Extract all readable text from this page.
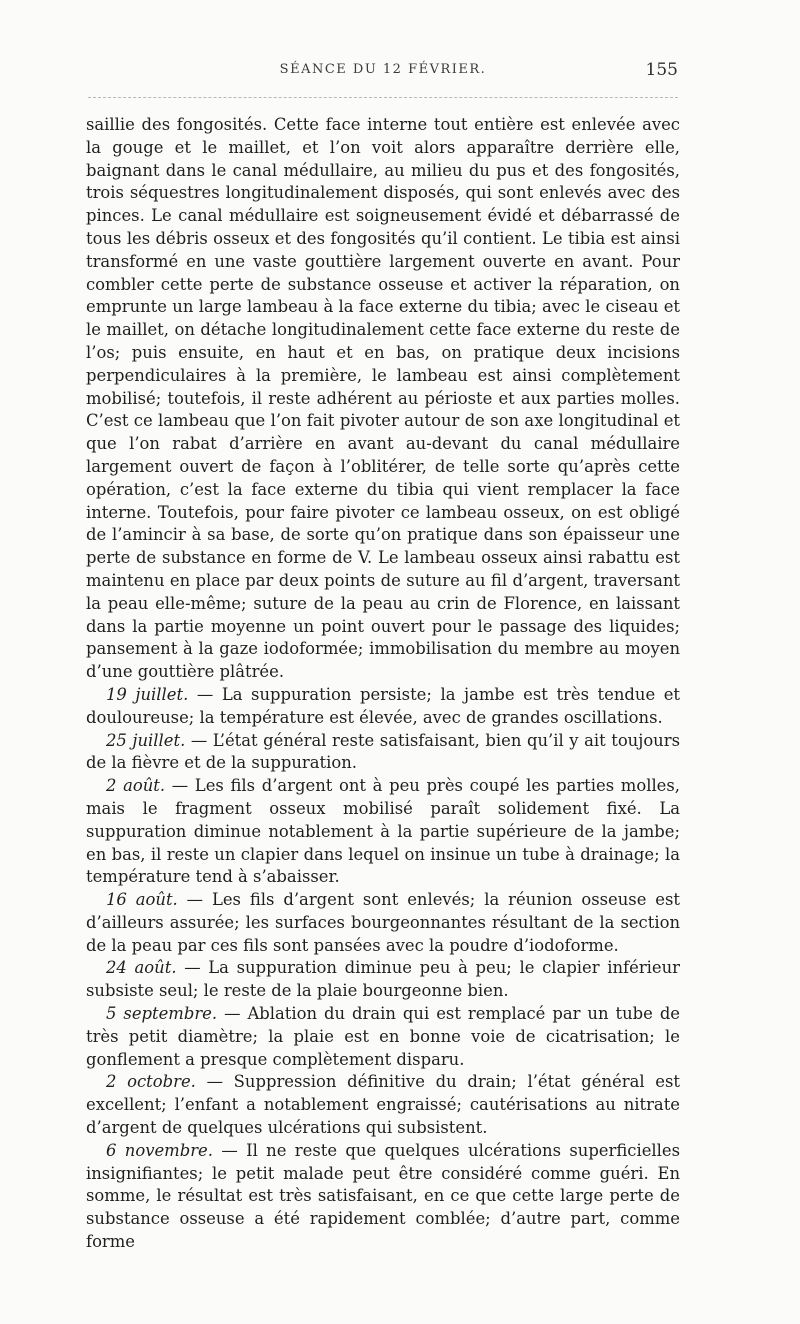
SÉANCE DU 12 FÉVRIER.	155

saillie des fongosités. Cette face interne tout entière est enlevée avec la gouge et le maillet, et l’on voit alors apparaître derrière elle, baignant dans le canal médullaire, au milieu du pus et des fongosités, trois séquestres longitudinalement disposés, qui sont enlevés avec des pinces. Le canal médullaire est soigneusement évidé et débarrassé de tous les débris osseux et des fongosités qu’il contient. Le tibia est ainsi transformé en une vaste gouttière largement ouverte en avant. Pour combler cette perte de substance osseuse et activer la réparation, on emprunte un large lambeau à la face externe du tibia; avec le ciseau et le maillet, on détache longitudinalement cette face externe du reste de l’os; puis ensuite, en haut et en bas, on pratique deux incisions perpendiculaires à la première, le lambeau est ainsi complètement mobilisé; toutefois, il reste adhérent au périoste et aux parties molles. C’est ce lambeau que l’on fait pivoter autour de son axe longitudinal et que l’on rabat d’arrière en avant au-devant du canal médullaire largement ouvert de façon à l’oblitérer, de telle sorte qu’après cette opération, c’est la face externe du tibia qui vient remplacer la face interne. Toutefois, pour faire pivoter ce lambeau osseux, on est obligé de l’amincir à sa base, de sorte qu’on pratique dans son épaisseur une perte de substance en forme de V. Le lambeau osseux ainsi rabattu est maintenu en place par deux points de suture au fil d’argent, traversant la peau elle-même; suture de la peau au crin de Florence, en laissant dans la partie moyenne un point ouvert pour le passage des liquides; pansement à la gaze iodoformée; immobilisation du membre au moyen d’une gouttière plâtrée.

19 juillet. — La suppuration persiste; la jambe est très tendue et douloureuse; la température est élevée, avec de grandes oscillations.

25 juillet. — L’état général reste satisfaisant, bien qu’il y ait toujours de la fièvre et de la suppuration.

2 août. — Les fils d’argent ont à peu près coupé les parties molles, mais le fragment osseux mobilisé paraît solidement fixé. La suppuration diminue notablement à la partie supérieure de la jambe; en bas, il reste un clapier dans lequel on insinue un tube à drainage; la température tend à s’abaisser.

16 août. — Les fils d’argent sont enlevés; la réunion osseuse est d’ailleurs assurée; les surfaces bourgeonnantes résultant de la section de la peau par ces fils sont pansées avec la poudre d’iodoforme.

24 août. — La suppuration diminue peu à peu; le clapier inférieur subsiste seul; le reste de la plaie bourgeonne bien.

5 septembre. — Ablation du drain qui est remplacé par un tube de très petit diamètre; la plaie est en bonne voie de cicatrisation; le gonflement a presque complètement disparu.

2 octobre. — Suppression définitive du drain; l’état général est excellent; l’enfant a notablement engraissé; cautérisations au nitrate d’argent de quelques ulcérations qui subsistent.

6 novembre. — Il ne reste que quelques ulcérations superficielles insignifiantes; le petit malade peut être considéré comme guéri. En somme, le résultat est très satisfaisant, en ce que cette large perte de substance osseuse a été rapidement comblée; d’autre part, comme forme
